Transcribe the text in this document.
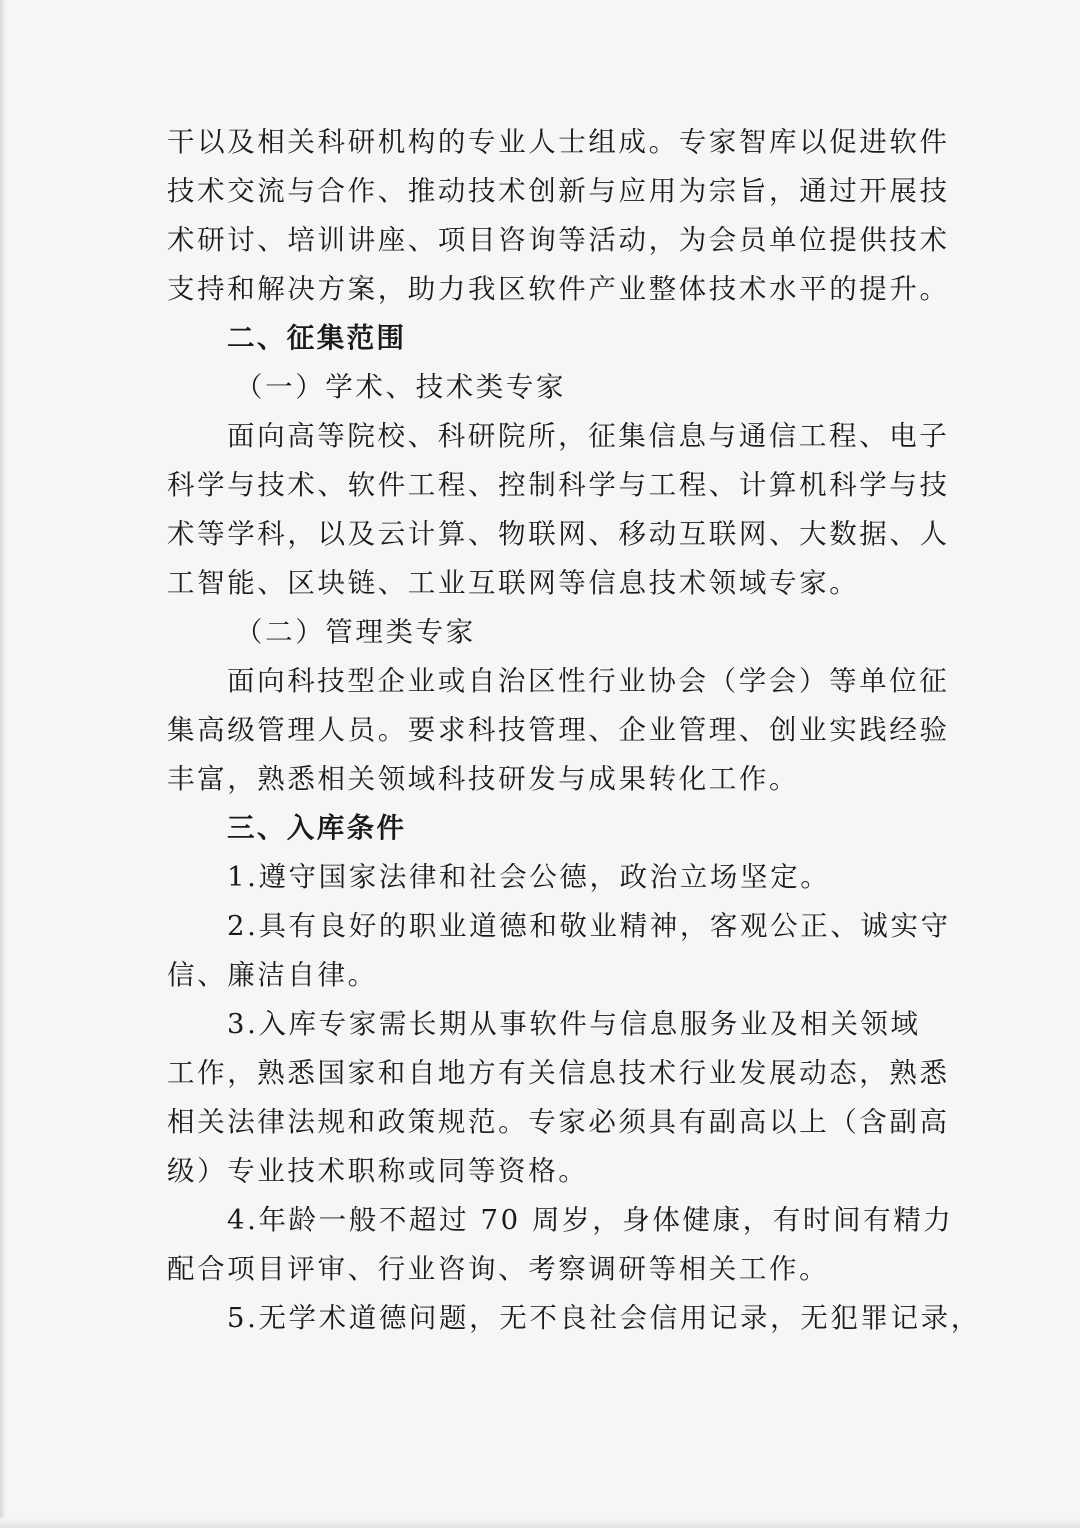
干以及相关科研机构的专业人士组成。专家智库以促进软件
技术交流与合作、推动技术创新与应用为宗旨，通过开展技
术研讨、培训讲座、项目咨询等活动，为会员单位提供技术
支持和解决方案，助力我区软件产业整体技术水平的提升。
二、征集范围
（一）学术、技术类专家
面向高等院校、科研院所，征集信息与通信工程、电子
科学与技术、软件工程、控制科学与工程、计算机科学与技
术等学科，以及云计算、物联网、移动互联网、大数据、人
工智能、区块链、工业互联网等信息技术领域专家。
（二）管理类专家
面向科技型企业或自治区性行业协会（学会）等单位征
集高级管理人员。要求科技管理、企业管理、创业实践经验
丰富，熟悉相关领域科技研发与成果转化工作。
三、入库条件
1.遵守国家法律和社会公德，政治立场坚定。
2.具有良好的职业道德和敬业精神，客观公正、诚实守
信、廉洁自律。
3.入库专家需长期从事软件与信息服务业及相关领域
工作，熟悉国家和自地方有关信息技术行业发展动态，熟悉
相关法律法规和政策规范。专家必须具有副高以上（含副高
级）专业技术职称或同等资格。
4.年龄一般不超过 70 周岁，身体健康，有时间有精力
配合项目评审、行业咨询、考察调研等相关工作。
5.无学术道德问题，无不良社会信用记录，无犯罪记录，
